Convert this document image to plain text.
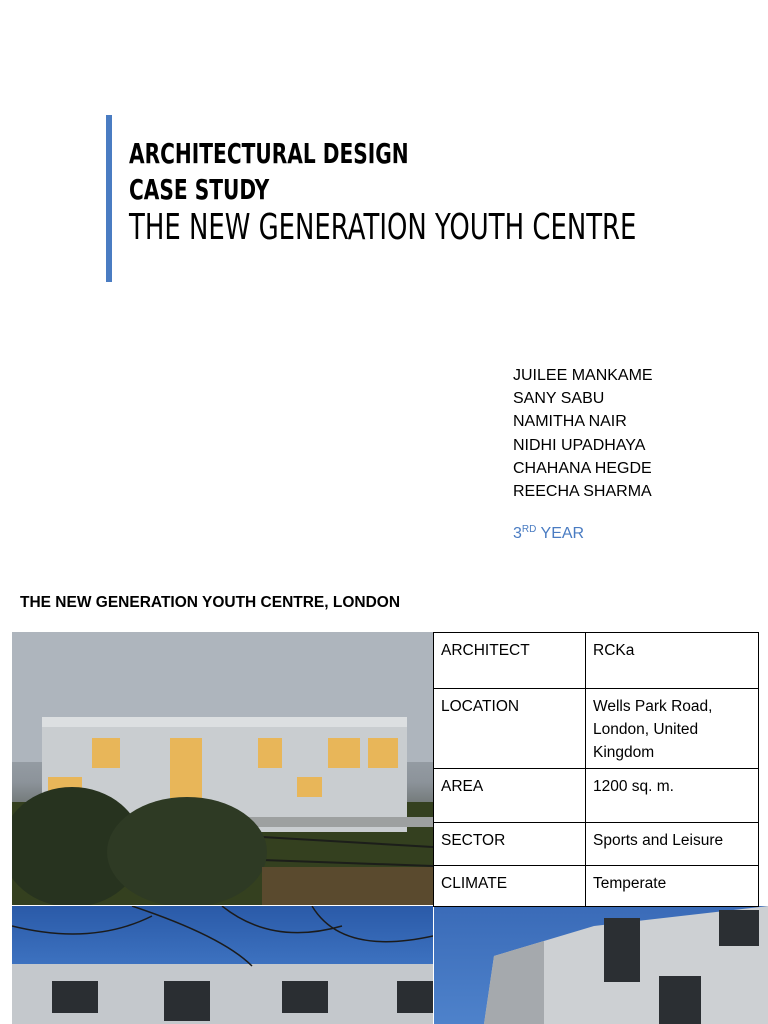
ARCHITECTURAL DESIGN
CASE STUDY
THE NEW GENERATION YOUTH CENTRE
JUILEE MANKAME
SANY SABU
NAMITHA NAIR
NIDHI UPADHAYA
CHAHANA HEGDE
REECHA SHARMA
3RD YEAR
THE NEW GENERATION YOUTH CENTRE, LONDON
ARCHITECT	RCKa
LOCATION	Wells Park Road, London, United Kingdom
AREA	1200 sq. m.
SECTOR	Sports and Leisure
CLIMATE	Temperate
